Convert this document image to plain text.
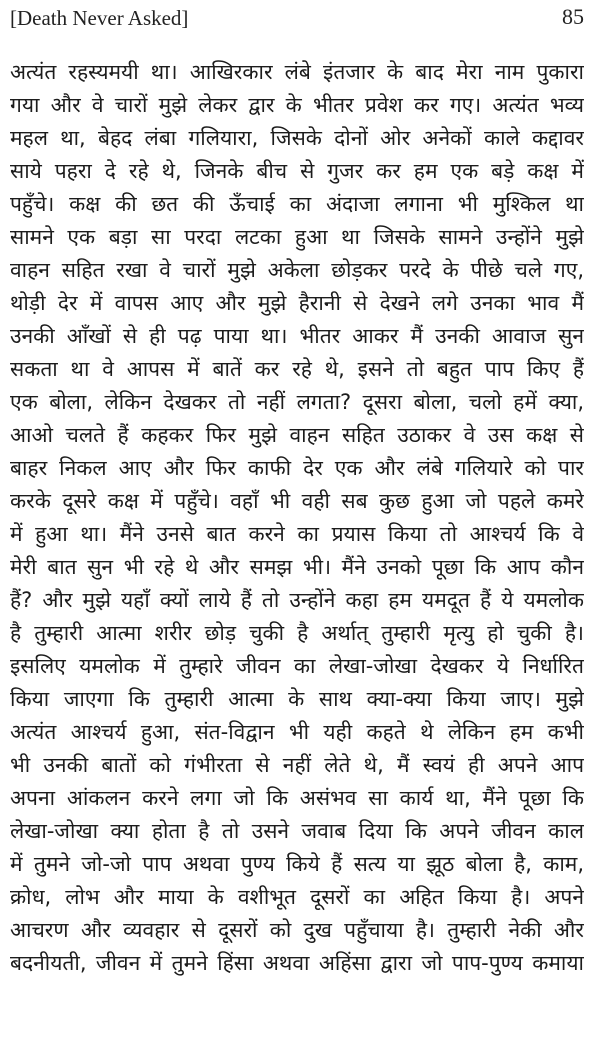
[Death Never Asked]	85
अत्यंत रहस्यमयी था। आखिरकार लंबे इंतजार के बाद मेरा नाम पुकारा
गया और वे चारों मुझे लेकर द्वार के भीतर प्रवेश कर गए। अत्यंत भव्य
महल था, बेहद लंबा गलियारा, जिसके दोनों ओर अनेकों काले कद्दावर
साये पहरा दे रहे थे, जिनके बीच से गुजर कर हम एक बड़े कक्ष में
पहुँचे। कक्ष की छत की ऊँचाई का अंदाजा लगाना भी मुश्किल था
सामने एक बड़ा सा परदा लटका हुआ था जिसके सामने उन्होंने मुझे
वाहन सहित रखा वे चारों मुझे अकेला छोड़कर परदे के पीछे चले गए,
थोड़ी देर में वापस आए और मुझे हैरानी से देखने लगे उनका भाव मैं
उनकी आँखों से ही पढ़ पाया था। भीतर आकर मैं उनकी आवाज सुन
सकता था वे आपस में बातें कर रहे थे, इसने तो बहुत पाप किए हैं
एक बोला, लेकिन देखकर तो नहीं लगता? दूसरा बोला, चलो हमें क्या,
आओ चलते हैं कहकर फिर मुझे वाहन सहित उठाकर वे उस कक्ष से
बाहर निकल आए और फिर काफी देर एक और लंबे गलियारे को पार
करके दूसरे कक्ष में पहुँचे। वहाँ भी वही सब कुछ हुआ जो पहले कमरे
में हुआ था। मैंने उनसे बात करने का प्रयास किया तो आश्चर्य कि वे
मेरी बात सुन भी रहे थे और समझ भी। मैंने उनको पूछा कि आप कौन
हैं? और मुझे यहाँ क्यों लाये हैं तो उन्होंने कहा हम यमदूत हैं ये यमलोक
है तुम्हारी आत्मा शरीर छोड़ चुकी है अर्थात् तुम्हारी मृत्यु हो चुकी है।
इसलिए यमलोक में तुम्हारे जीवन का लेखा-जोखा देखकर ये निर्धारित
किया जाएगा कि तुम्हारी आत्मा के साथ क्या-क्या किया जाए। मुझे
अत्यंत आश्चर्य हुआ, संत-विद्वान भी यही कहते थे लेकिन हम कभी
भी उनकी बातों को गंभीरता से नहीं लेते थे, मैं स्वयं ही अपने आप
अपना आंकलन करने लगा जो कि असंभव सा कार्य था, मैंने पूछा कि
लेखा-जोखा क्या होता है तो उसने जवाब दिया कि अपने जीवन काल
में तुमने जो-जो पाप अथवा पुण्य किये हैं सत्य या झूठ बोला है, काम,
क्रोध, लोभ और माया के वशीभूत दूसरों का अहित किया है। अपने
आचरण और व्यवहार से दूसरों को दुख पहुँचाया है। तुम्हारी नेकी और
बदनीयती, जीवन में तुमने हिंसा अथवा अहिंसा द्वारा जो पाप-पुण्य कमाया
